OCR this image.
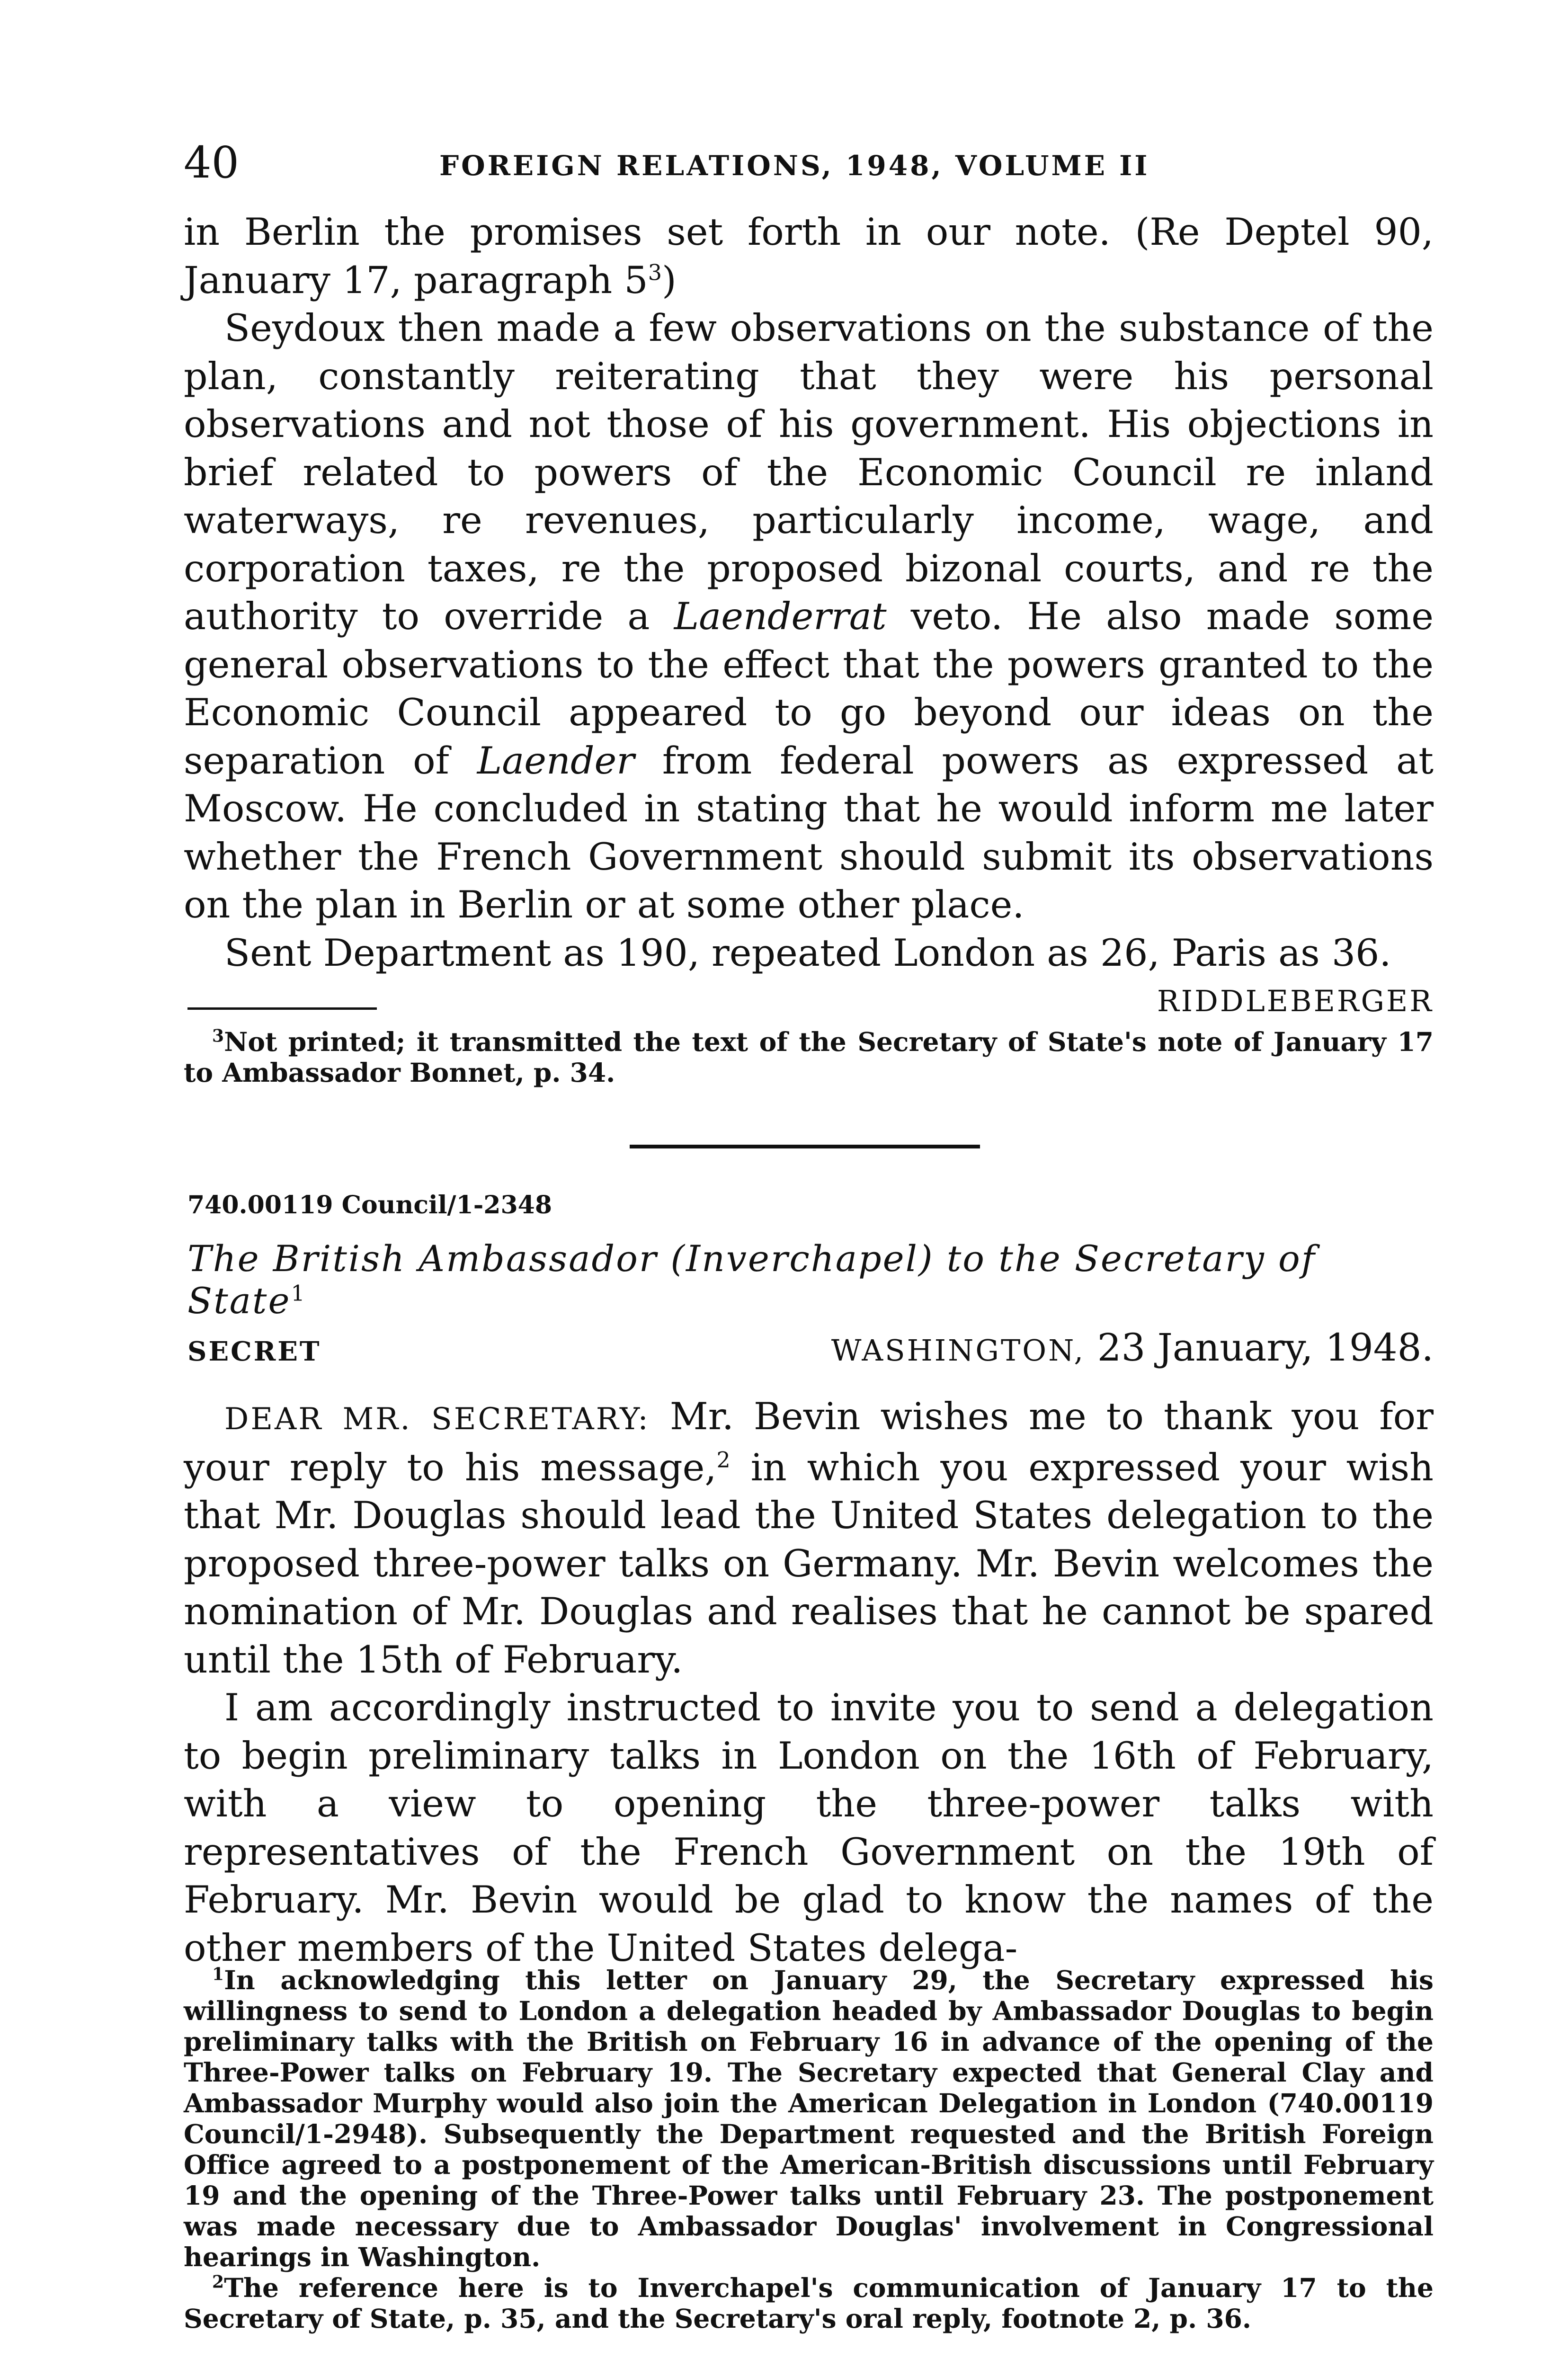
40	FOREIGN RELATIONS, 1948, VOLUME II

in Berlin the promises set forth in our note. (Re Deptel 90, January 17, paragraph $5^3$)

Seydoux then made a few observations on the substance of the plan, constantly reiterating that they were his personal observations and not those of his government. His objections in brief related to powers of the Economic Council re inland waterways, re revenues, particularly income, wage, and corporation taxes, re the proposed bizonal courts, and re the authority to override a Laenderrat veto. He also made some general observations to the effect that the powers granted to the Economic Council appeared to go beyond our ideas on the separation of Laender from federal powers as expressed at Moscow. He concluded in stating that he would inform me later whether the French Government should submit its observations on the plan in Berlin or at some other place.

Sent Department as 190, repeated London as 26, Paris as 36.

RIDDLEBERGER

$^3$Not printed; it transmitted the text of the Secretary of State's note of January 17 to Ambassador Bonnet, p. 34.

740.00119 Council/1-2348
The British Ambassador (Inverchapel) to the Secretary of State$^1$
SECRET	WASHINGTON, 23 January, 1948.

DEAR MR. SECRETARY: Mr. Bevin wishes me to thank you for your reply to his message,$^2$ in which you expressed your wish that Mr. Douglas should lead the United States delegation to the proposed three-power talks on Germany. Mr. Bevin welcomes the nomination of Mr. Douglas and realises that he cannot be spared until the 15th of February.

I am accordingly instructed to invite you to send a delegation to begin preliminary talks in London on the 16th of February, with a view to opening the three-power talks with representatives of the French Government on the 19th of February. Mr. Bevin would be glad to know the names of the other members of the United States delega-

$^1$In acknowledging this letter on January 29, the Secretary expressed his willingness to send to London a delegation headed by Ambassador Douglas to begin preliminary talks with the British on February 16 in advance of the opening of the Three-Power talks on February 19. The Secretary expected that General Clay and Ambassador Murphy would also join the American Delegation in London (740.00119 Council/1-2948). Subsequently the Department requested and the British Foreign Office agreed to a postponement of the American-British discussions until February 19 and the opening of the Three-Power talks until February 23. The postponement was made necessary due to Ambassador Douglas' involvement in Congressional hearings in Washington.

$^2$The reference here is to Inverchapel's communication of January 17 to the Secretary of State, p. 35, and the Secretary's oral reply, footnote 2, p. 36.
